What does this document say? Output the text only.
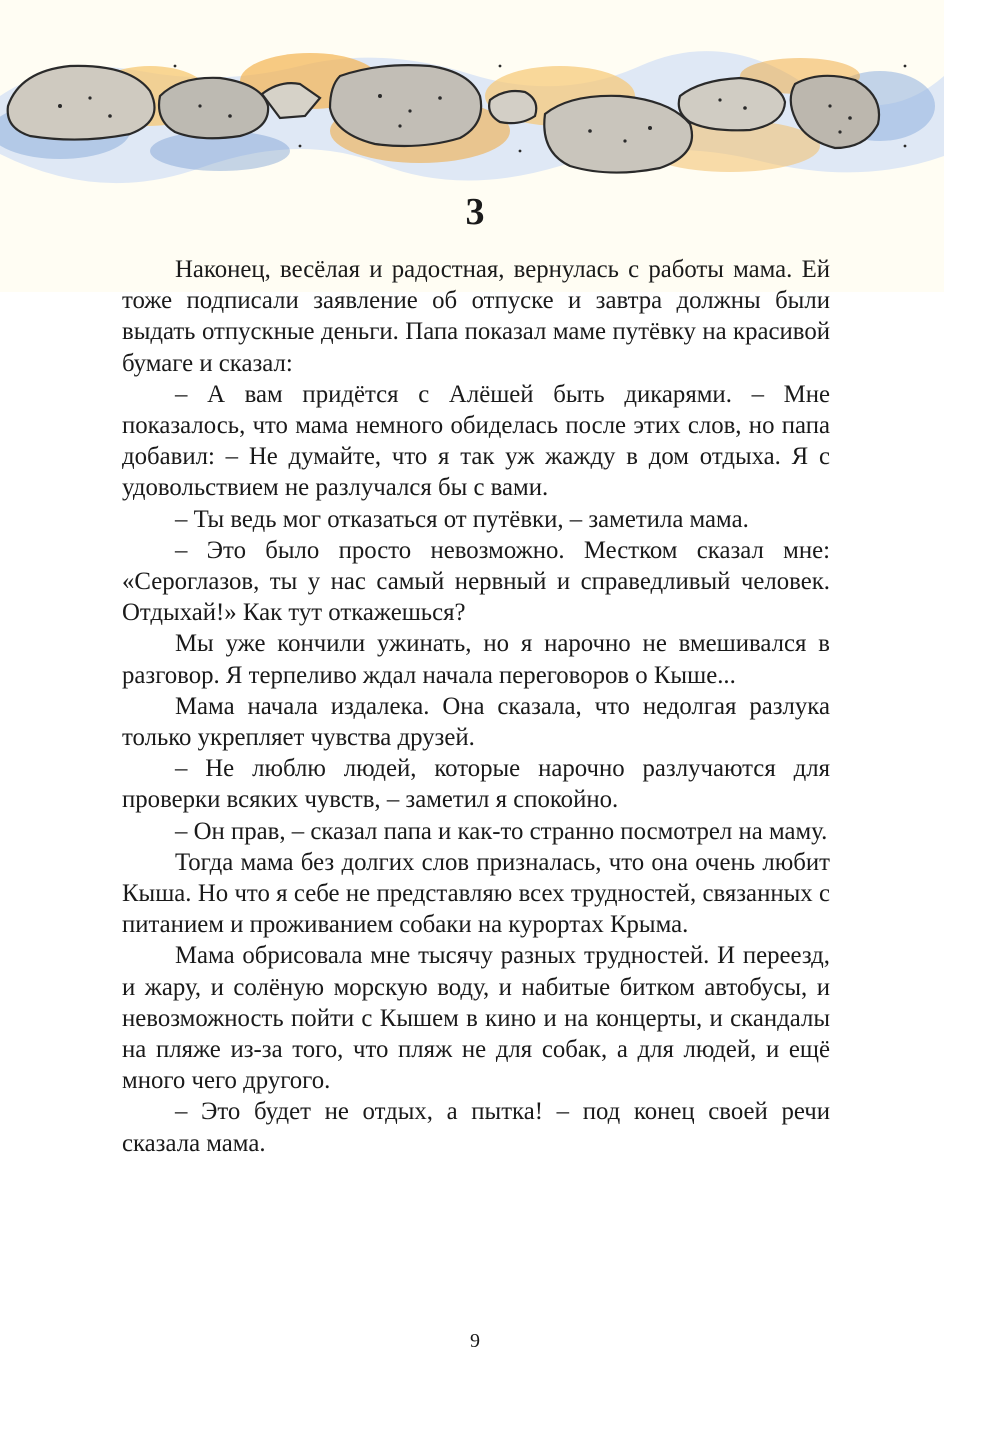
3

Наконец, весёлая и радостная, вернулась с работы мама. Ей тоже подписали заявление об отпуске и завтра должны были выдать отпускные деньги. Папа показал маме путёвку на красивой бумаге и сказал:

– А вам придётся с Алёшей быть дикарями. – Мне показалось, что мама немного обиделась после этих слов, но папа добавил: – Не думайте, что я так уж жажду в дом отдыха. Я с удовольствием не разлучался бы с вами.

– Ты ведь мог отказаться от путёвки, – заметила мама.

– Это было просто невозможно. Местком сказал мне: «Сероглазов, ты у нас самый нервный и справедливый человек. Отдыхай!» Как тут откажешься?

Мы уже кончили ужинать, но я нарочно не вмешивался в разговор. Я терпеливо ждал начала переговоров о Кыше...

Мама начала издалека. Она сказала, что недолгая разлука только укрепляет чувства друзей.

– Не люблю людей, которые нарочно разлучаются для проверки всяких чувств, – заметил я спокойно.

– Он прав, – сказал папа и как-то странно посмотрел на маму.

Тогда мама без долгих слов призналась, что она очень любит Кыша. Но что я себе не представляю всех трудностей, связанных с питанием и проживанием собаки на курортах Крыма.

Мама обрисовала мне тысячу разных трудностей. И переезд, и жару, и солёную морскую воду, и набитые битком автобусы, и невозможность пойти с Кышем в кино и на концерты, и скандалы на пляже из-за того, что пляж не для собак, а для людей, и ещё много чего другого.

– Это будет не отдых, а пытка! – под конец своей речи сказала мама.

9
